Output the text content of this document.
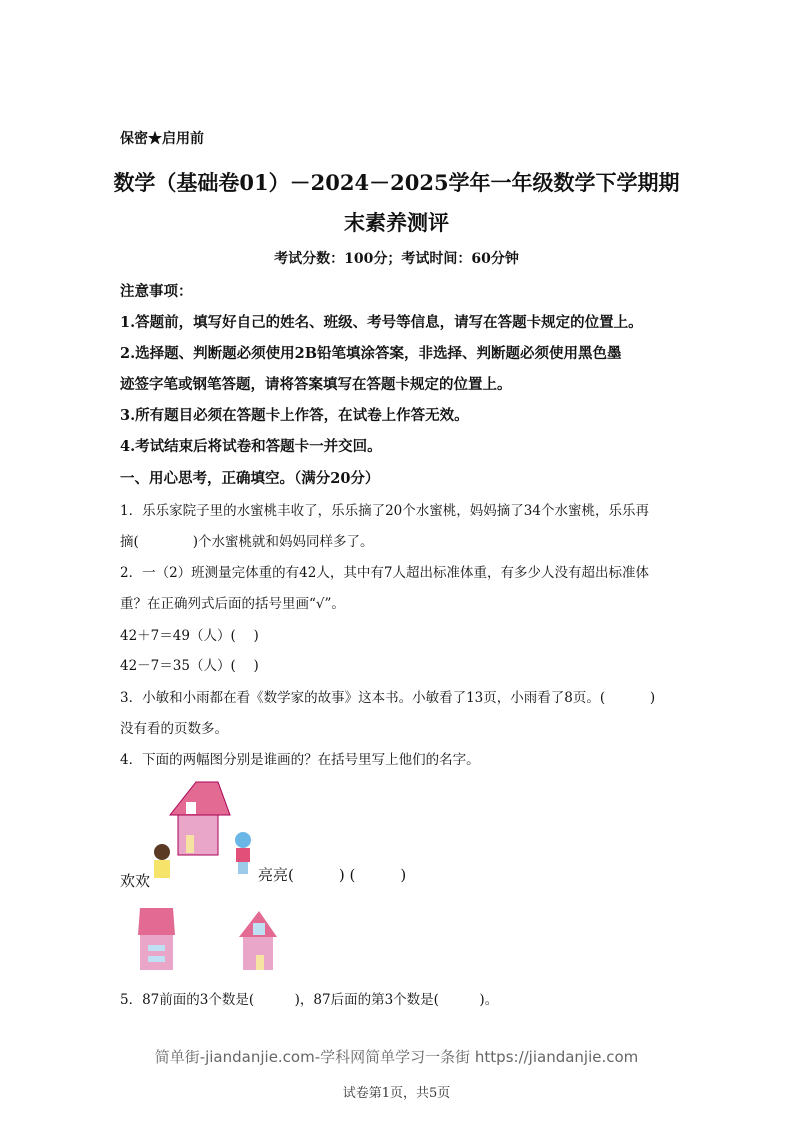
保密★启用前
数学（基础卷01）－2024－2025学年一年级数学下学期期
末素养测评
考试分数：100分；考试时间：60分钟
注意事项：
1.答题前，填写好自己的姓名、班级、考号等信息，请写在答题卡规定的位置上。
2.选择题、判断题必须使用2B铅笔填涂答案，非选择、判断题必须使用黑色墨
迹签字笔或钢笔答题，请将答案填写在答题卡规定的位置上。
3.所有题目必须在答题卡上作答，在试卷上作答无效。
4.考试结束后将试卷和答题卡一并交回。
一、用心思考，正确填空。（满分20分）
1．乐乐家院子里的水蜜桃丰收了，乐乐摘了20个水蜜桃，妈妈摘了34个水蜜桃，乐乐再
摘(　　　　)个水蜜桃就和妈妈同样多了。
2．一（2）班测量完体重的有42人，其中有7人超出标准体重，有多少人没有超出标准体
重？在正确列式后面的括号里画“√”。
42＋7＝49（人）(　 )
42－7＝35（人）(　 )
3．小敏和小雨都在看《数学家的故事》这本书。小敏看了13页，小雨看了8页。(　　　 )
没有看的页数多。
4．下面的两幅图分别是谁画的？在括号里写上他们的名字。
欢欢	亮亮(　　　) (　　　)
5．87前面的3个数是(　　　)，87后面的第3个数是(　　　)。
简单街-jiandanjie.com-学科网简单学习一条街 https://jiandanjie.com
试卷第1页，共5页
